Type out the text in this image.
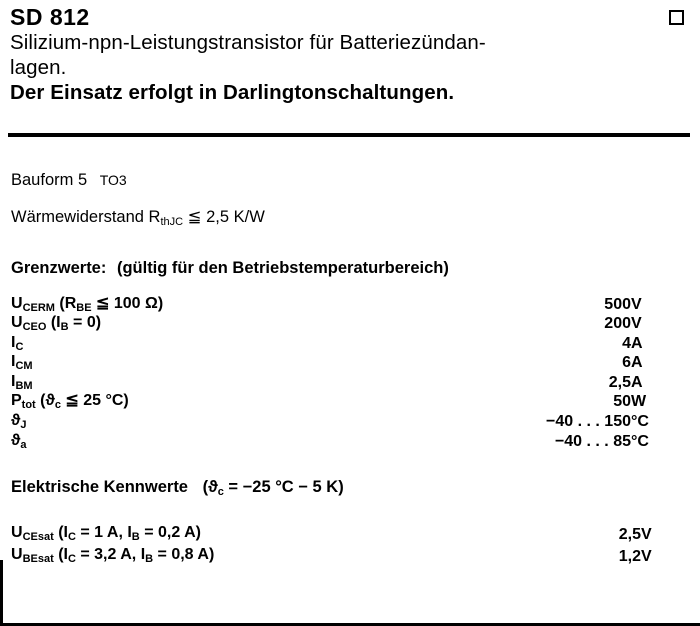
SD 812

Silizium-npn-Leistungstransistor für Batteriezündan-

lagen.

Der Einsatz erfolgt in Darlingtonschaltungen.

Bauform 5 TO3

Wärmewiderstand RthJC ≦ 2,5 K/W

Grenzwerte: (gültig für den Betriebstemperaturbereich)

UCERM (RBE ≦ 100 Ω)	500	V
UCEO (IB = 0)	200	V
IC	4	A
ICM	6	A
IBM	2,5	A
Ptot (ϑc ≦ 25 °C)	50	W
ϑJ	−40 . . . 150	°C
ϑa	−40 . . . 85	°C

Elektrische Kennwerte (ϑc = −25 °C − 5 K)

UCEsat (IC = 1 A, IB = 0,2 A)	2,5	V
UBEsat (IC = 3,2 A, IB = 0,8 A)	1,2	V
